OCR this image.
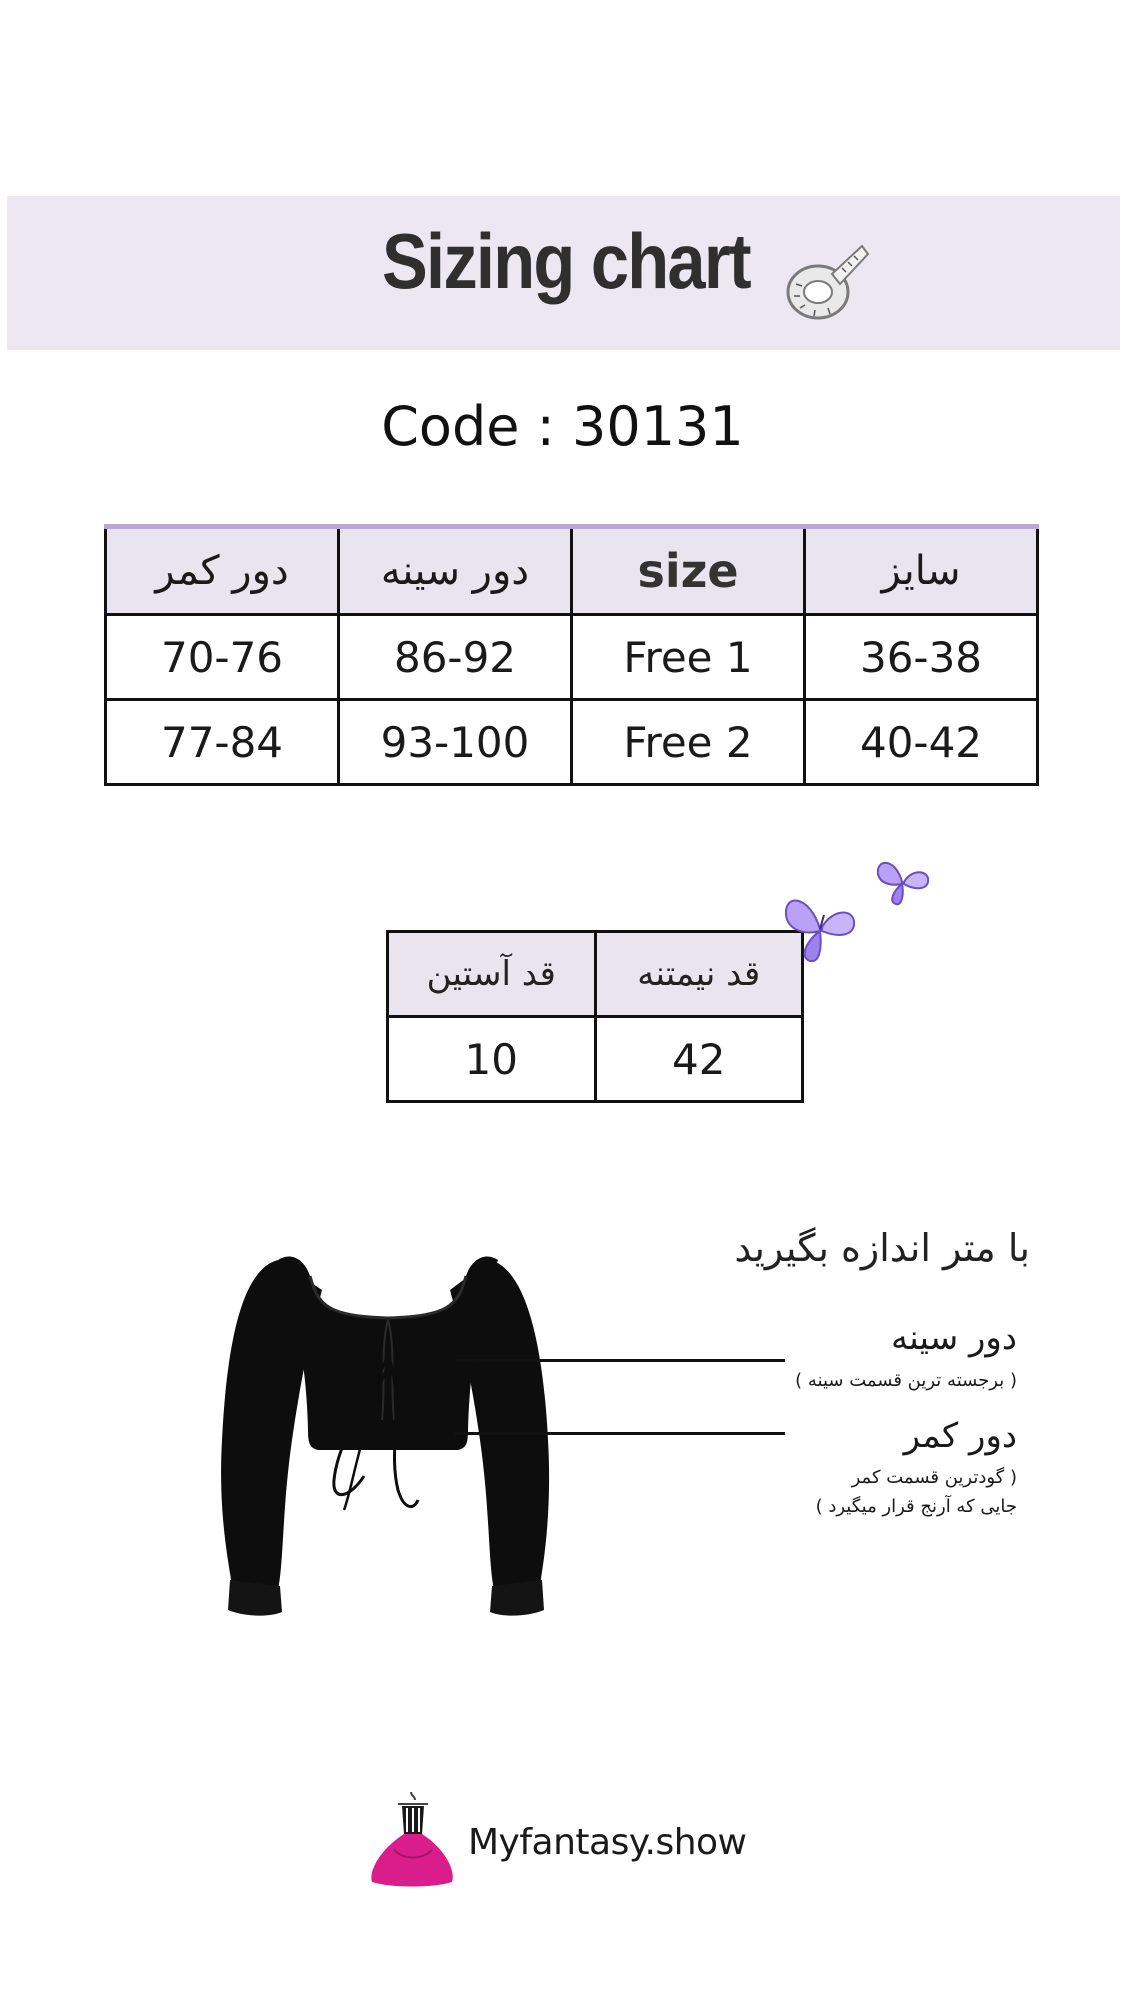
Sizing chart
Code : 30131
دور کمر	دور سینه	size	سایز
70-76	86-92	Free 1	36-38
77-84	93-100	Free 2	40-42
قد آستین	قد نیمتنه
10	42
با متر اندازه بگیرید
دور سینه
( برجسته ترین قسمت سینه )
دور کمر
( گودترین قسمت کمر
جایی که آرنج قرار میگیرد )
Myfantasy.show
